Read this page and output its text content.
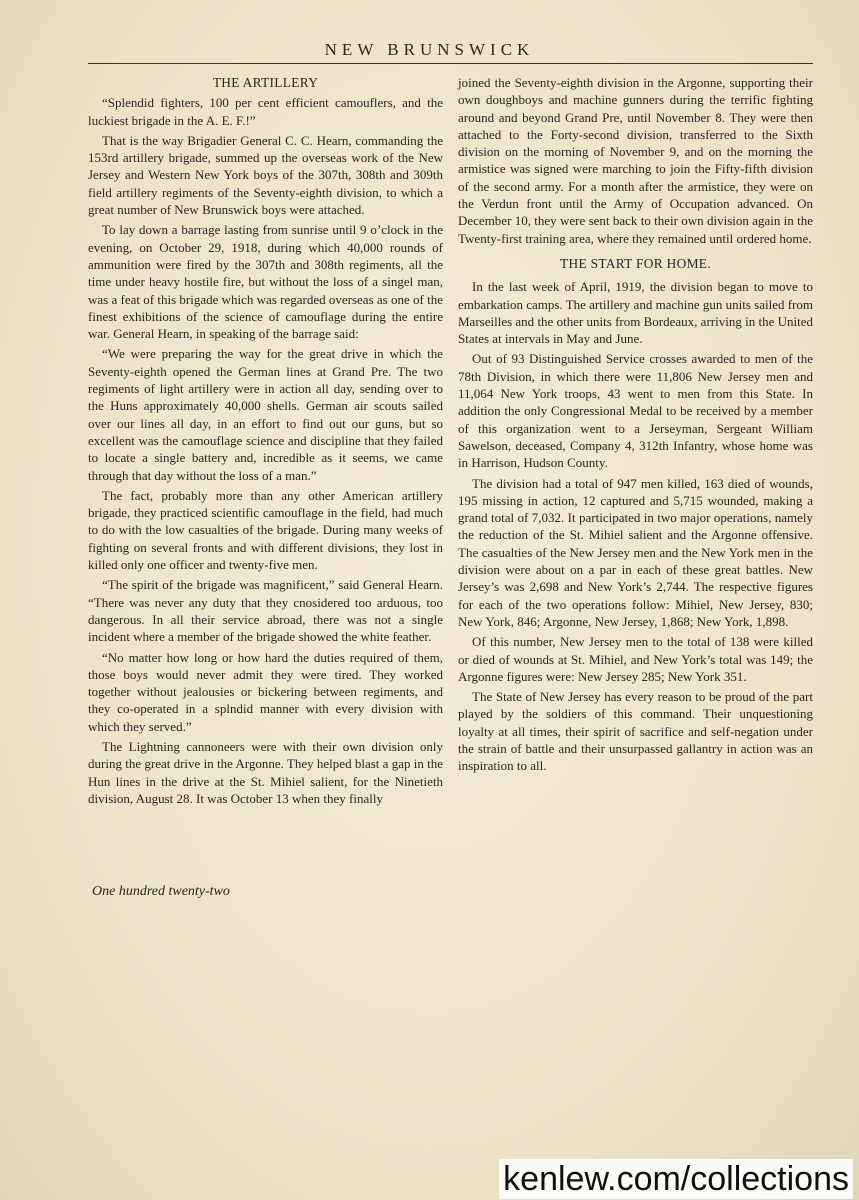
NEW BRUNSWICK
THE ARTILLERY

“Splendid fighters, 100 per cent efficient camouflers, and the luckiest brigade in the A. E. F.!”

That is the way Brigadier General C. C. Hearn, commanding the 153rd artillery brigade, summed up the overseas work of the New Jersey and Western New York boys of the 307th, 308th and 309th field artillery regiments of the Seventy-eighth division, to which a great number of New Brunswick boys were attached.

To lay down a barrage lasting from sunrise until 9 o’clock in the evening, on October 29, 1918, during which 40,000 rounds of ammunition were fired by the 307th and 308th regiments, all the time under heavy hostile fire, but without the loss of a singel man, was a feat of this brigade which was regarded overseas as one of the finest exhibitions of the science of camouflage during the entire war. General Hearn, in speaking of the barrage said:

“We were preparing the way for the great drive in which the Seventy-eighth opened the German lines at Grand Pre. The two regiments of light artillery were in action all day, sending over to the Huns approximately 40,000 shells. German air scouts sailed over our lines all day, in an effort to find out our guns, but so excellent was the camouflage science and discipline that they failed to locate a single battery and, incredible as it seems, we came through that day without the loss of a man.”

The fact, probably more than any other American artillery brigade, they practiced scientific camouflage in the field, had much to do with the low casualties of the brigade. During many weeks of fighting on several fronts and with different divisions, they lost in killed only one officer and twenty-five men.

“The spirit of the brigade was magnificent,” said General Hearn. “There was never any duty that they cnosidered too arduous, too dangerous. In all their service abroad, there was not a single incident where a member of the brigade showed the white feather.

“No matter how long or how hard the duties required of them, those boys would never admit they were tired. They worked together without jealousies or bickering between regiments, and they co-operated in a splndid manner with every division with which they served.”

The Lightning cannoneers were with their own division only during the great drive in the Argonne. They helped blast a gap in the Hun lines in the drive at the St. Mihiel salient, for the Ninetieth division, August 28. It was October 13 when they finally

joined the Seventy-eighth division in the Argonne, supporting their own doughboys and machine gunners during the terrific fighting around and beyond Grand Pre, until November 8. They were then attached to the Forty-second division, transferred to the Sixth division on the morning of November 9, and on the morning the armistice was signed were marching to join the Fifty-fifth division of the second army. For a month after the armistice, they were on the Verdun front until the Army of Occupation advanced. On December 10, they were sent back to their own division again in the Twenty-first training area, where they remained until ordered home.

THE START FOR HOME.

In the last week of April, 1919, the division began to move to embarkation camps. The artillery and machine gun units sailed from Marseilles and the other units from Bordeaux, arriving in the United States at intervals in May and June.

Out of 93 Distinguished Service crosses awarded to men of the 78th Division, in which there were 11,806 New Jersey men and 11,064 New York troops, 43 went to men from this State. In addition the only Congressional Medal to be received by a member of this organization went to a Jerseyman, Sergeant William Sawelson, deceased, Company 4, 312th Infantry, whose home was in Harrison, Hudson County.

The division had a total of 947 men killed, 163 died of wounds, 195 missing in action, 12 captured and 5,715 wounded, making a grand total of 7,032. It participated in two major operations, namely the reduction of the St. Mihiel salient and the Argonne offensive. The casualties of the New Jersey men and the New York men in the division were about on a par in each of these great battles. New Jersey’s was 2,698 and New York’s 2,744. The respective figures for each of the two operations follow: Mihiel, New Jersey, 830; New York, 846; Argonne, New Jersey, 1,868; New York, 1,898.

Of this number, New Jersey men to the total of 138 were killed or died of wounds at St. Mihiel, and New York’s total was 149; the Argonne figures were: New Jersey 285; New York 351.

The State of New Jersey has every reason to be proud of the part played by the soldiers of this command. Their unquestioning loyalty at all times, their spirit of sacrifice and self-negation under the strain of battle and their unsurpassed gallantry in action was an inspiration to all.

One hundred twenty-two
kenlew.com/collections
